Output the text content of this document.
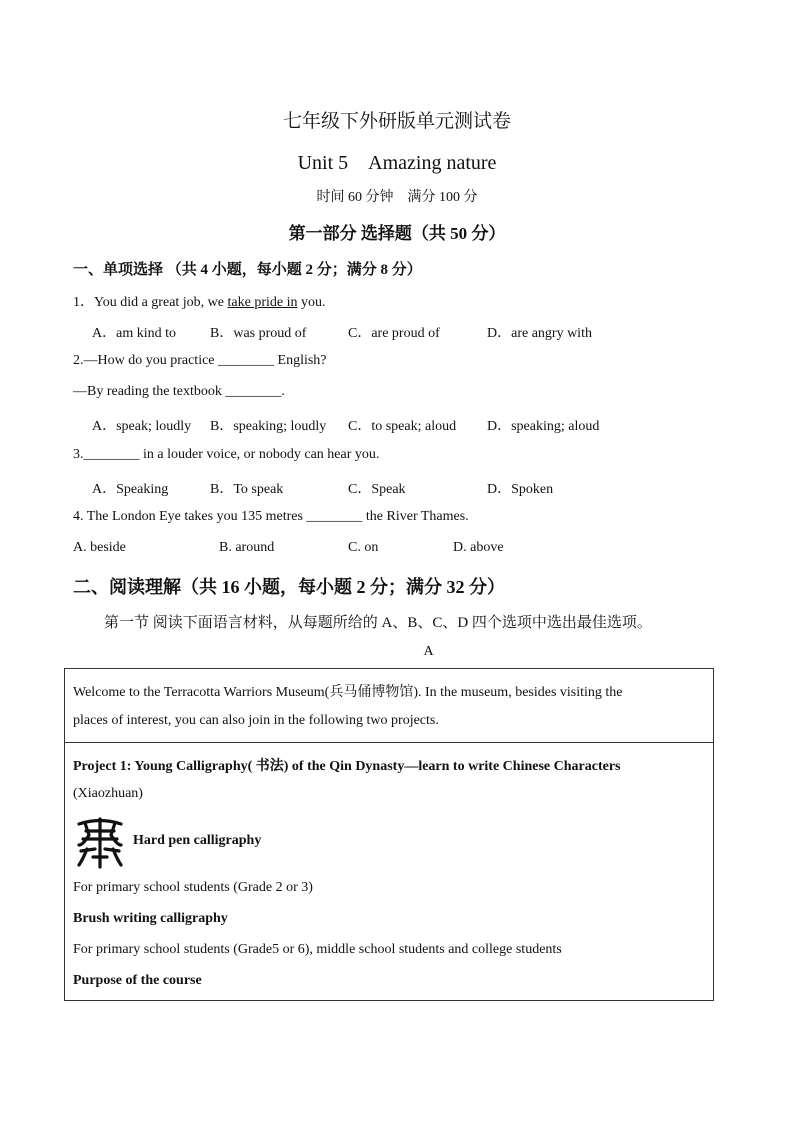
七年级下外研版单元测试卷
Unit 5　Amazing nature
时间 60 分钟　满分 100 分
第一部分 选择题（共 50 分）
一、单项选择 （共 4 小题，每小题 2 分；满分 8 分）
1．You did a great job, we take pride in you.
A．am kind to B．was proud of	C．are proud of	D．are angry with
2.—How do you practice ________ English?
—By reading the textbook ________.
A．speak; loudly B．speaking; loudly C．to speak; aloud D．speaking; aloud
3.________ in a louder voice, or nobody can hear you.
A．Speaking	B．To speak	C．Speak	D．Spoken
4. The London Eye takes you 135 metres ________ the River Thames.
A. beside	B. around	C. on	D. above
二、阅读理解（共 16 小题，每小题 2 分；满分 32 分）
第一节 阅读下面语言材料，从每题所给的 A、B、C、D 四个选项中选出最佳选项。
A
Welcome to the Terracotta Warriors Museum(兵马俑博物馆). In the museum, besides visiting the
places of interest, you can also join in the following two projects.
Project 1: Young Calligraphy( 书法) of the Qin Dynasty—learn to write Chinese Characters
(Xiaozhuan)
Hard pen calligraphy
For primary school students (Grade 2 or 3)
Brush writing calligraphy
For primary school students (Grade5 or 6), middle school students and college students
Purpose of the course
